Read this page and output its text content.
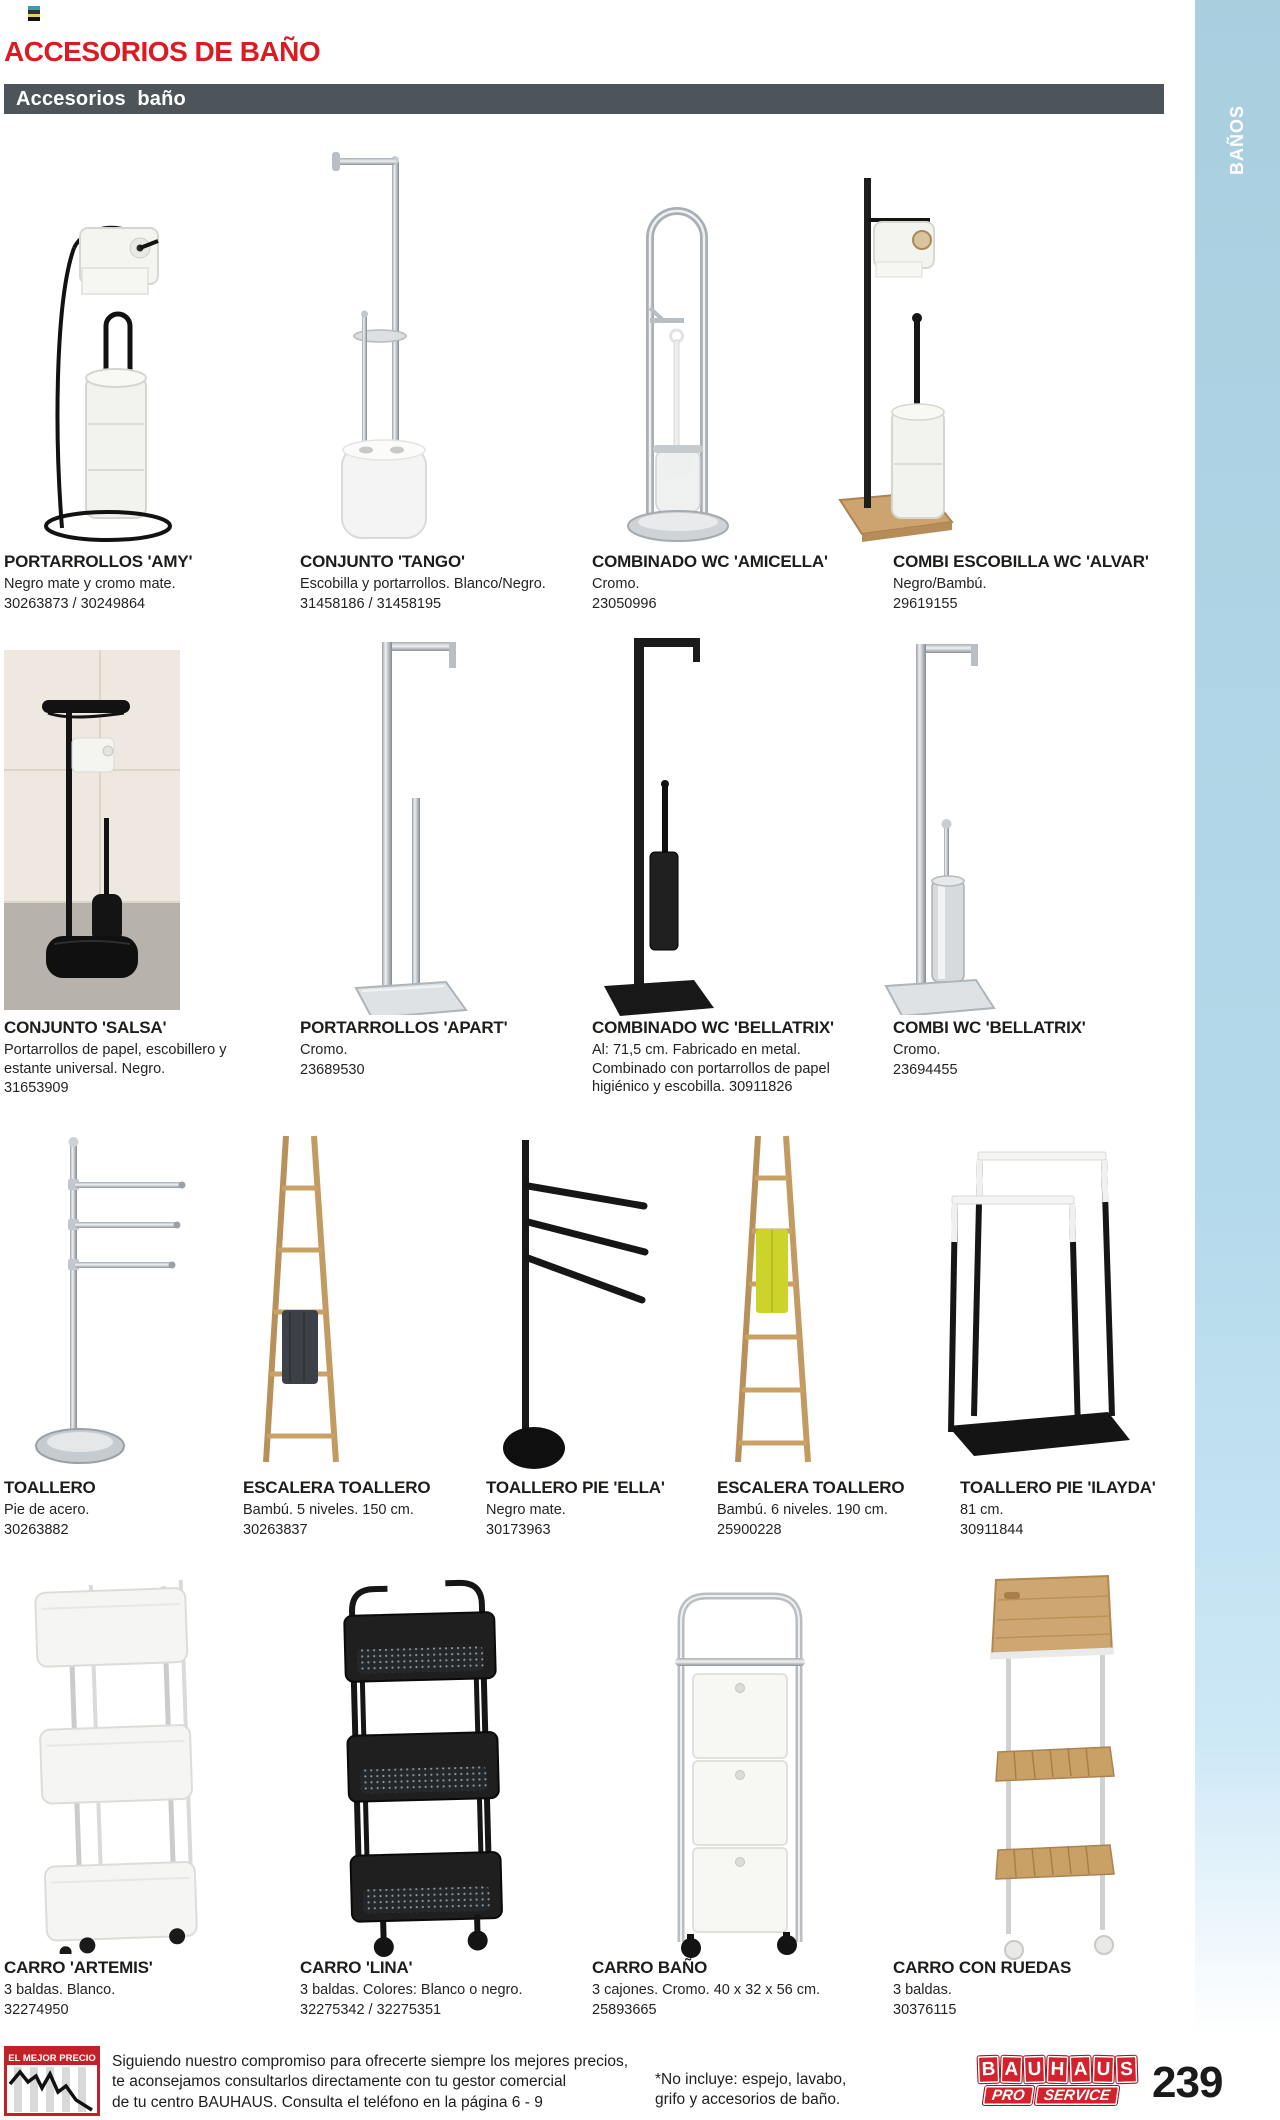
ACCESORIOS DE BAÑO
Accesorios  baño
BAÑOS
PORTARROLLOS 'AMY'
Negro mate y cromo mate.
30263873 / 30249864
CONJUNTO 'TANGO'
Escobilla y portarrollos. Blanco/Negro.
31458186 / 31458195
COMBINADO WC 'AMICELLA'
Cromo.
23050996
COMBI ESCOBILLA WC 'ALVAR'
Negro/Bambú.
29619155
CONJUNTO 'SALSA'
Portarrollos de papel, escobillero y estante universal. Negro.
31653909
PORTARROLLOS 'APART'
Cromo.
23689530
COMBINADO WC 'BELLATRIX'
Al: 71,5 cm. Fabricado en metal. Combinado con portarrollos de papel higiénico y escobilla. 30911826
COMBI WC 'BELLATRIX'
Cromo.
23694455
TOALLERO
Pie de acero.
30263882
ESCALERA TOALLERO
Bambú. 5 niveles. 150 cm.
30263837
TOALLERO PIE 'ELLA'
Negro mate.
30173963
ESCALERA TOALLERO
Bambú. 6 niveles. 190 cm.
25900228
TOALLERO PIE 'ILAYDA'
81 cm.
30911844
CARRO 'ARTEMIS'
3 baldas. Blanco.
32274950
CARRO 'LINA'
3 baldas. Colores: Blanco o negro.
32275342 / 32275351
CARRO BAÑO
3 cajones. Cromo. 40 x 32 x 56 cm.
25893665
CARRO CON RUEDAS
3 baldas.
30376115
EL MEJOR PRECIO Siguiendo nuestro compromiso para ofrecerte siempre los mejores precios,
te aconsejamos consultarlos directamente con tu gestor comercial
de tu centro BAUHAUS. Consulta el teléfono en la página 6 - 9
*No incluye: espejo, lavabo,
grifo y accesorios de baño.
B A U H A U S
PRO	SERVICE 239
